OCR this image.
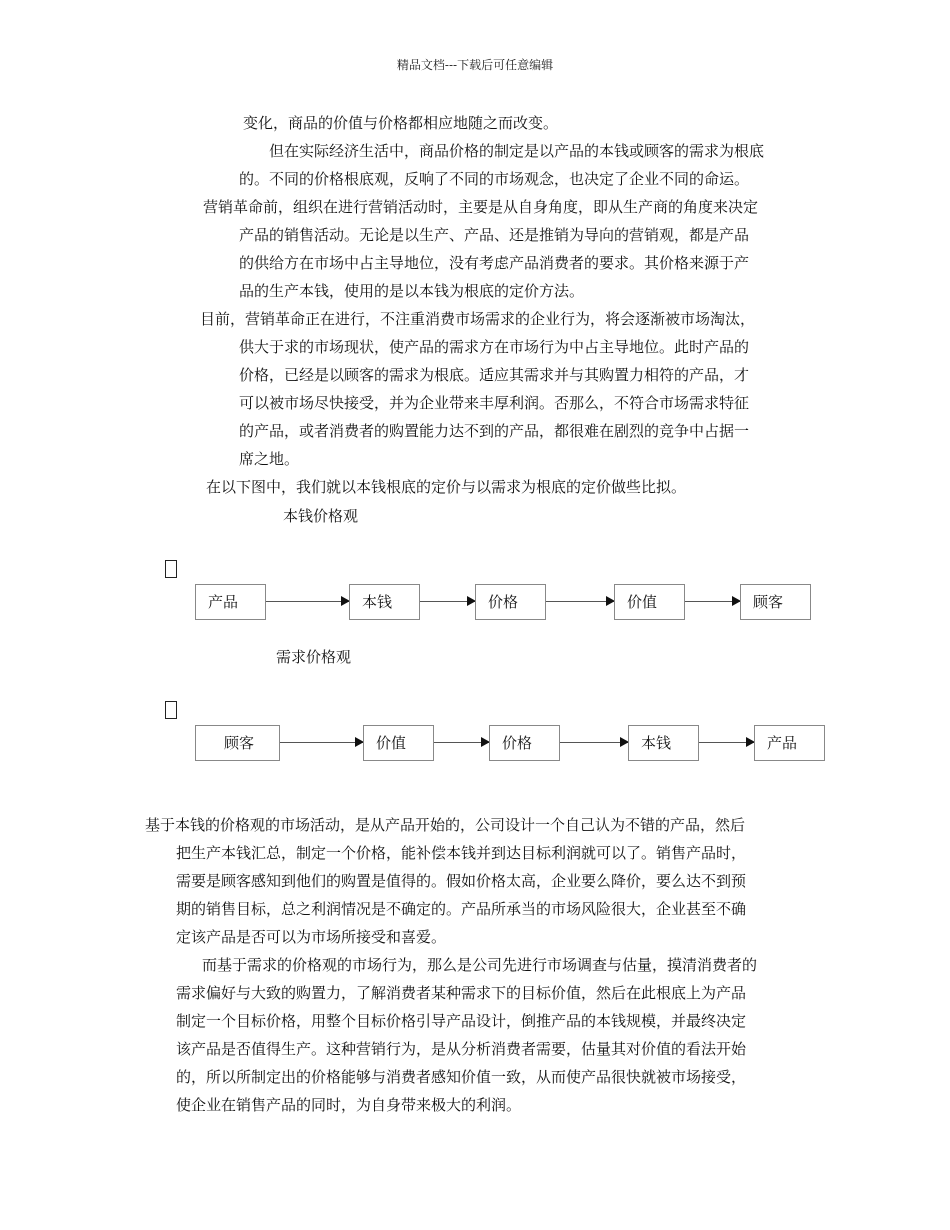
精品文档---下载后可任意编辑
变化，商品的价值与价格都相应地随之而改变。
但在实际经济生活中，商品价格的制定是以产品的本钱或顾客的需求为根底
的。不同的价格根底观，反响了不同的市场观念，也决定了企业不同的命运。
营销革命前，组织在进行营销活动时，主要是从自身角度，即从生产商的角度来决定
产品的销售活动。无论是以生产、产品、还是推销为导向的营销观，都是产品
的供给方在市场中占主导地位，没有考虑产品消费者的要求。其价格来源于产
品的生产本钱，使用的是以本钱为根底的定价方法。
目前，营销革命正在进行，不注重消费市场需求的企业行为，将会逐渐被市场淘汰，
供大于求的市场现状，使产品的需求方在市场行为中占主导地位。此时产品的
价格，已经是以顾客的需求为根底。适应其需求并与其购置力相符的产品，才
可以被市场尽快接受，并为企业带来丰厚利润。否那么，不符合市场需求特征
的产品，或者消费者的购置能力达不到的产品，都很难在剧烈的竞争中占据一
席之地。
在以下图中，我们就以本钱根底的定价与以需求为根底的定价做些比拟。
本钱价格观
产品	本钱	价格	价值	顾客
需求价格观
顾客	价值	价格	本钱	产品
基于本钱的价格观的市场活动，是从产品开始的，公司设计一个自己认为不错的产品，然后
把生产本钱汇总，制定一个价格，能补偿本钱并到达目标利润就可以了。销售产品时，
需要是顾客感知到他们的购置是值得的。假如价格太高，企业要么降价，要么达不到预
期的销售目标，总之利润情况是不确定的。产品所承当的市场风险很大，企业甚至不确
定该产品是否可以为市场所接受和喜爱。
而基于需求的价格观的市场行为，那么是公司先进行市场调查与估量，摸清消费者的
需求偏好与大致的购置力，了解消费者某种需求下的目标价值，然后在此根底上为产品
制定一个目标价格，用整个目标价格引导产品设计，倒推产品的本钱规模，并最终决定
该产品是否值得生产。这种营销行为，是从分析消费者需要，估量其对价值的看法开始
的，所以所制定出的价格能够与消费者感知价值一致，从而使产品很快就被市场接受，
使企业在销售产品的同时，为自身带来极大的利润。
